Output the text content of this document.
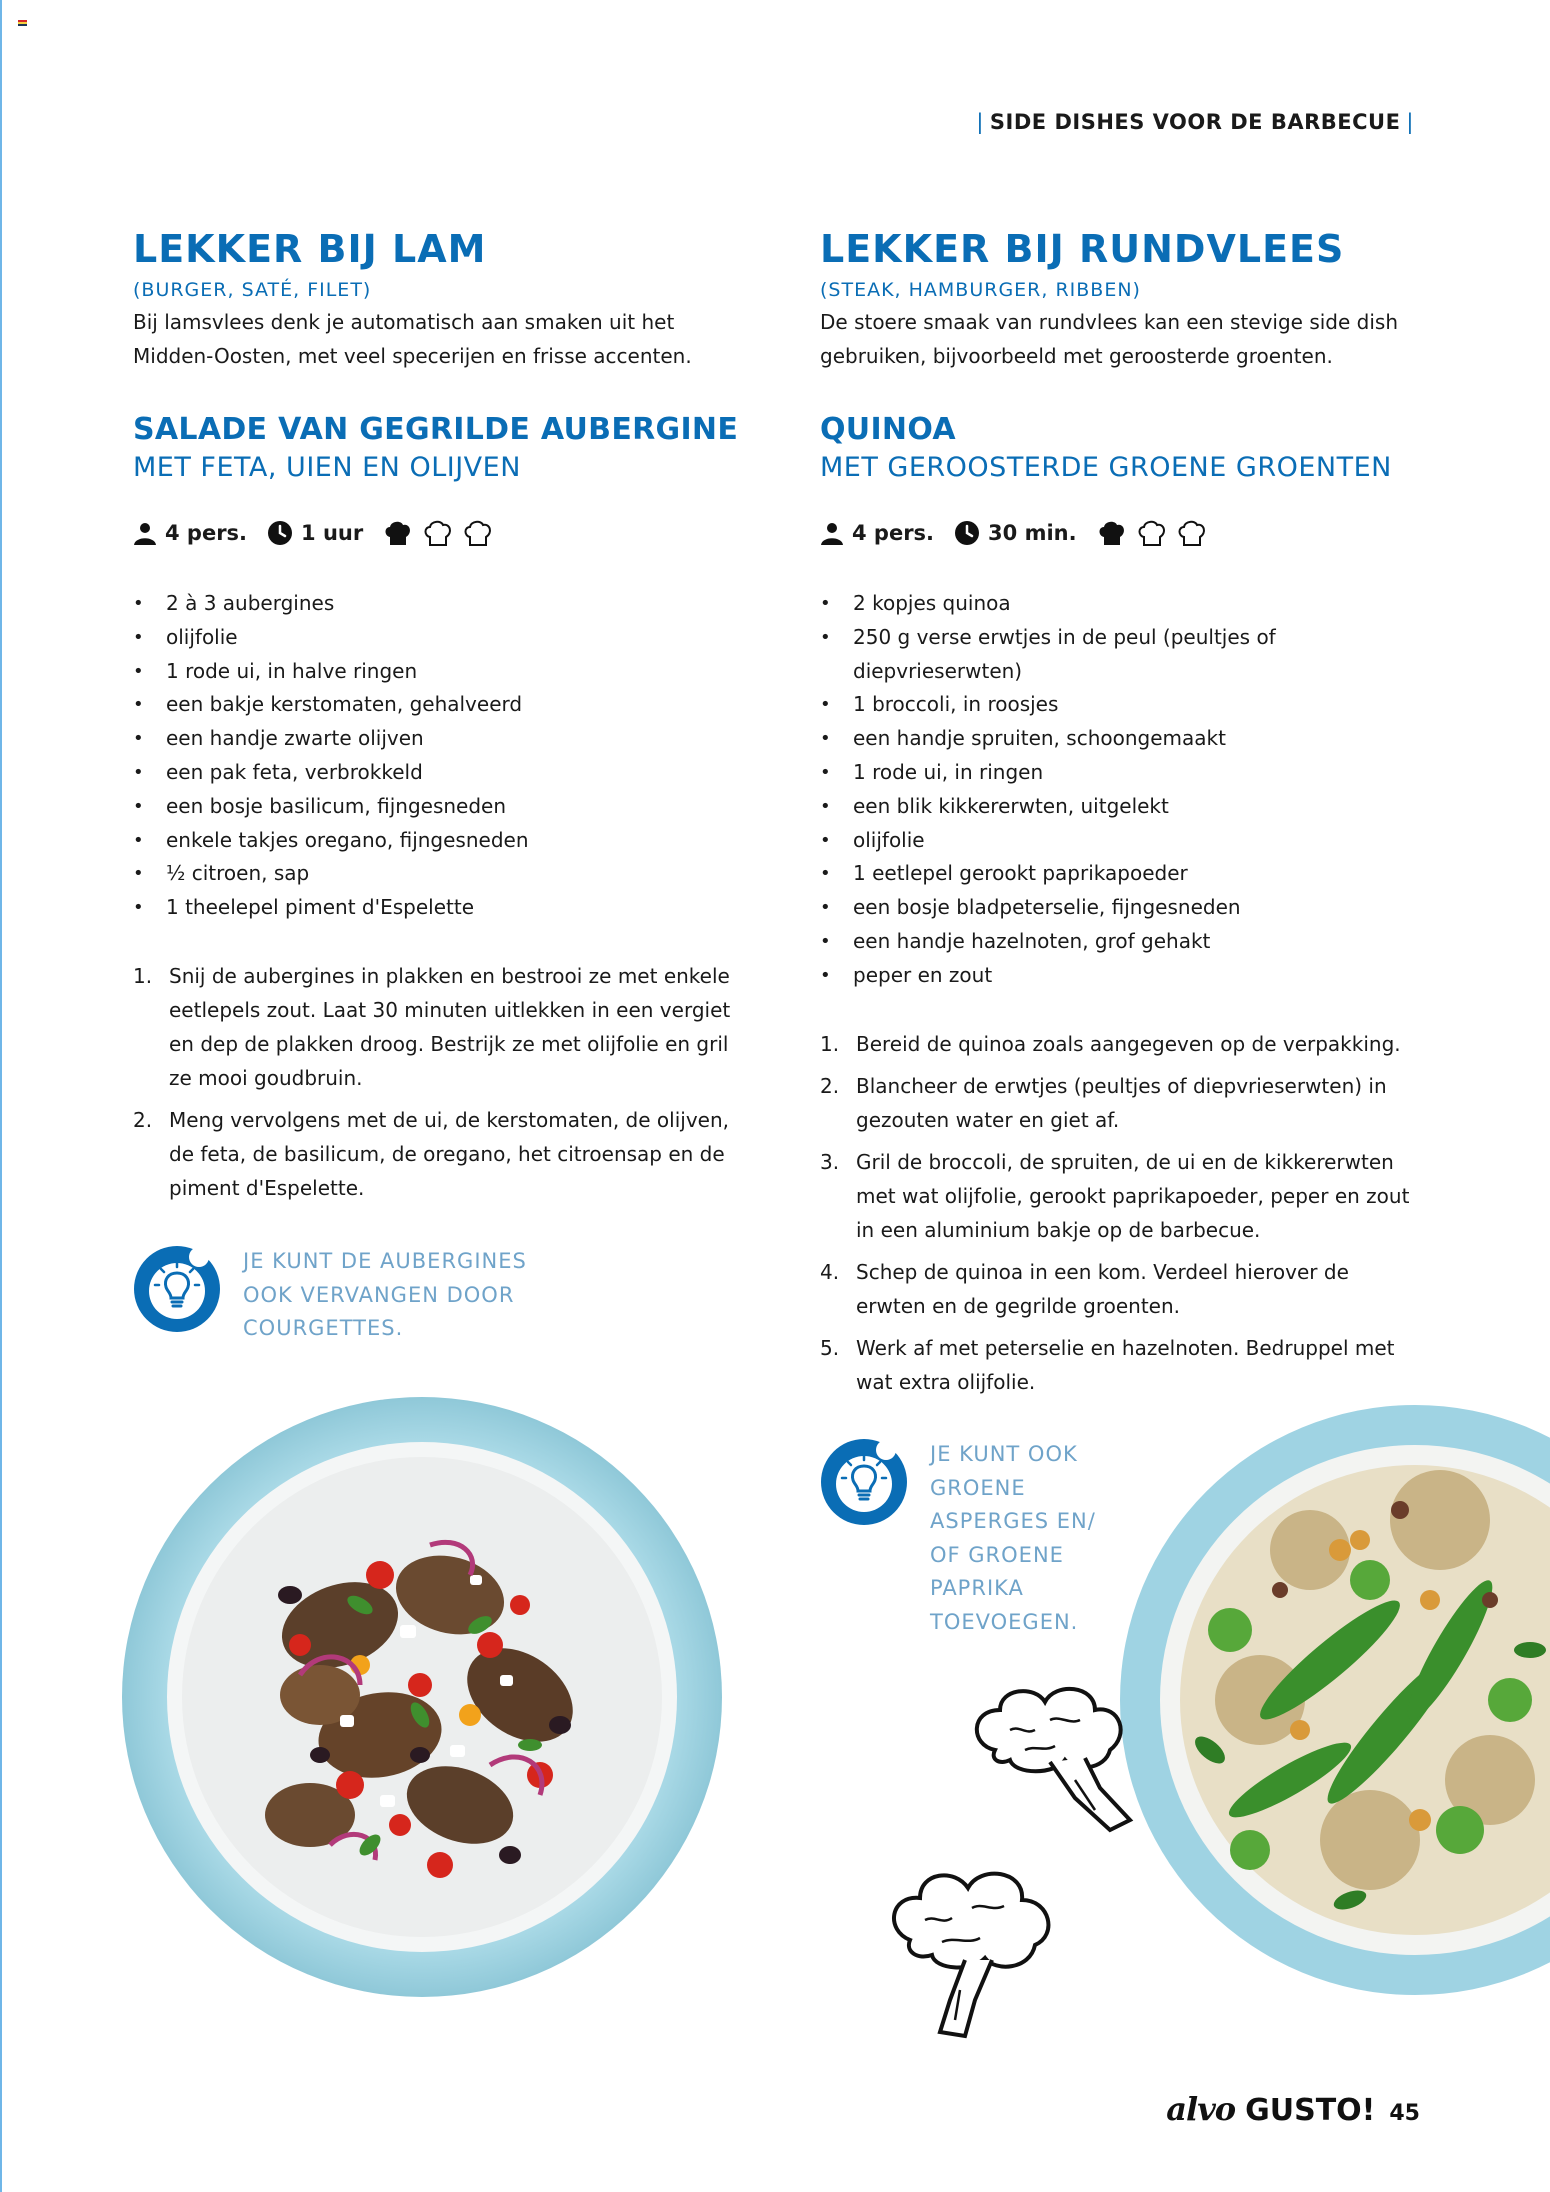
| SIDE DISHES VOOR DE BARBECUE |
LEKKER BIJ LAM
(BURGER, SATÉ, FILET)
Bij lamsvlees denk je automatisch aan smaken uit het Midden-Oosten, met veel specerijen en frisse accenten.
SALADE VAN GEGRILDE AUBERGINE
MET FETA, UIEN EN OLIJVEN
4 pers.	1 uur
• 2 à 3 aubergines
• olijfolie
• 1 rode ui, in halve ringen
• een bakje kerstomaten, gehalveerd
• een handje zwarte olijven
• een pak feta, verbrokkeld
• een bosje basilicum, fijngesneden
• enkele takjes oregano, fijngesneden
• ½ citroen, sap
• 1 theelepel piment d'Espelette
1. Snij de aubergines in plakken en bestrooi ze met enkele eetlepels zout. Laat 30 minuten uitlekken in een vergiet en dep de plakken droog. Bestrijk ze met olijfolie en gril ze mooi goudbruin.
2. Meng vervolgens met de ui, de kerstomaten, de olijven, de feta, de basilicum, de oregano, het citroensap en de piment d'Espelette.
JE KUNT DE AUBERGINES OOK VERVANGEN DOOR COURGETTES.
LEKKER BIJ RUNDVLEES
(STEAK, HAMBURGER, RIBBEN)
De stoere smaak van rundvlees kan een stevige side dish gebruiken, bijvoorbeeld met geroosterde groenten.
QUINOA
MET GEROOSTERDE GROENE GROENTEN
4 pers.	30 min.
• 2 kopjes quinoa
• 250 g verse erwtjes in de peul (peultjes of diepvrieserwten)
• 1 broccoli, in roosjes
• een handje spruiten, schoongemaakt
• 1 rode ui, in ringen
• een blik kikkererwten, uitgelekt
• olijfolie
• 1 eetlepel gerookt paprikapoeder
• een bosje bladpeterselie, fijngesneden
• een handje hazelnoten, grof gehakt
• peper en zout
1. Bereid de quinoa zoals aangegeven op de verpakking.
2. Blancheer de erwtjes (peultjes of diepvrieserwten) in gezouten water en giet af.
3. Gril de broccoli, de spruiten, de ui en de kikkererwten met wat olijfolie, gerookt paprikapoeder, peper en zout in een aluminium bakje op de barbecue.
4. Schep de quinoa in een kom. Verdeel hierover de erwten en de gegrilde groenten.
5. Werk af met peterselie en hazelnoten. Bedruppel met wat extra olijfolie.
JE KUNT OOK GROENE ASPERGES EN/ OF GROENE PAPRIKA TOEVOEGEN.
alvo GUSTO! 45
